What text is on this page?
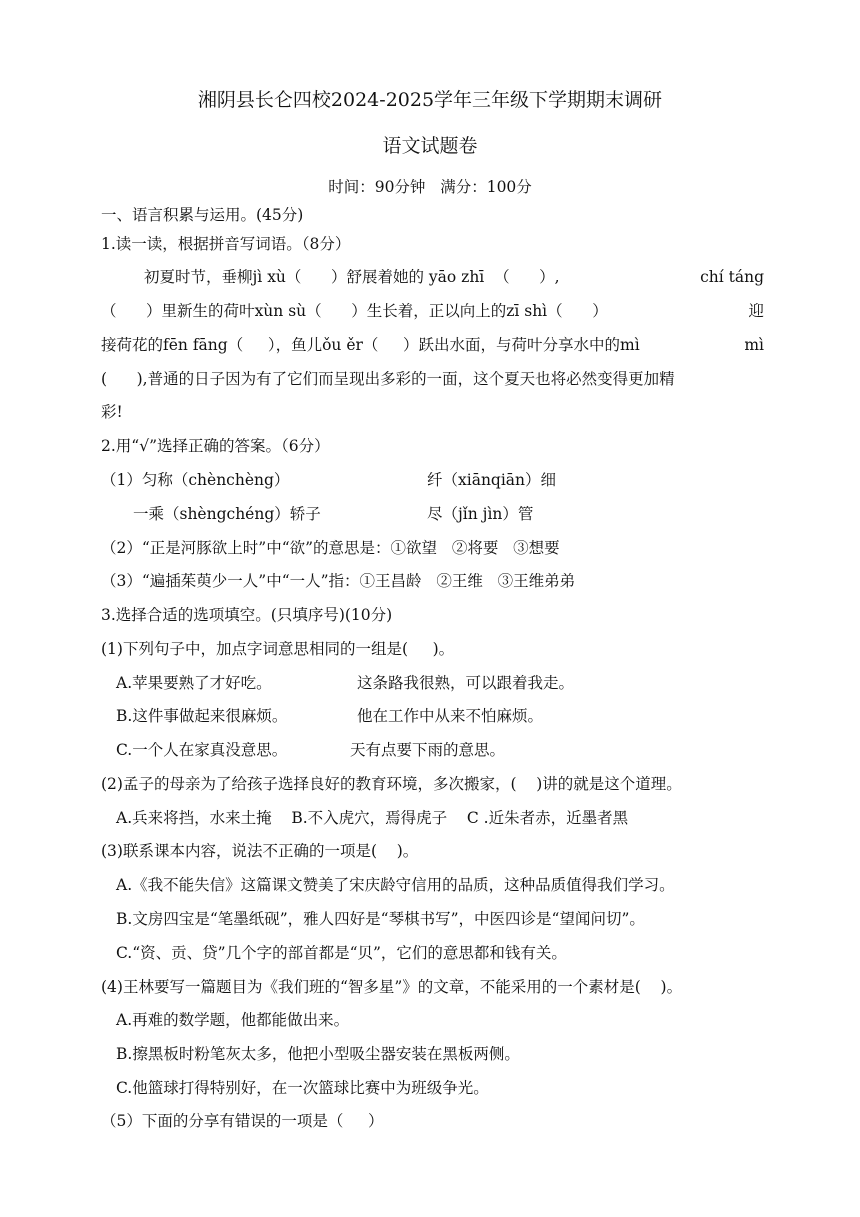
湘阴县长仑四校2024-2025学年三年级下学期期末调研
语文试题卷
时间：90分钟   满分：100分
一、语言积累与运用。(45分)
1.读一读，根据拼音写词语。（8分）
初夏时节，垂柳jì xù（      ）舒展着她的 yāo zhī  （      ）,	chí táng
（      ）里新生的荷叶xùn sù（      ）生长着，正以向上的zī shì（      ）	迎
接荷花的fēn fāng（     ），鱼儿ǒu ěr（     ）跃出水面，与荷叶分享水中的mì	mì
(      ),普通的日子因为有了它们而呈现出多彩的一面，这个夏天也将必然变得更加精
彩!
2.用“√”选择正确的答案。（6分）
（1）匀称（chènchèng）	纤（xiānqiān）细
一乘（shèngchéng）轿子	尽（jǐn jìn）管
（2）“正是河豚欲上时”中“欲”的意思是：①欲望   ②将要   ③想要
（3）“遍插茱萸少一人”中“一人”指：①王昌龄   ②王维   ③王维弟弟
3.选择合适的选项填空。(只填序号)(10分)
(1)下列句子中，加点字词意思相同的一组是(     )。
A.苹果要熟了才好吃。	这条路我很熟，可以跟着我走。
B.这件事做起来很麻烦。	他在工作中从来不怕麻烦。
C.一个人在家真没意思。	天有点要下雨的意思。
(2)孟子的母亲为了给孩子选择良好的教育环境，多次搬家，(    )讲的就是这个道理。
A.兵来将挡，水来土掩    B.不入虎穴，焉得虎子    C .近朱者赤，近墨者黑
(3)联系课本内容，说法不正确的一项是(    )。
A.《我不能失信》这篇课文赞美了宋庆龄守信用的品质，这种品质值得我们学习。
B.文房四宝是“笔墨纸砚”，雅人四好是“琴棋书写”，中医四诊是“望闻问切”。
C.“资、贡、贷”几个字的部首都是“贝”，它们的意思都和钱有关。
(4)王林要写一篇题目为《我们班的“智多星”》的文章，不能采用的一个素材是(    )。
A.再难的数学题，他都能做出来。
B.擦黑板时粉笔灰太多，他把小型吸尘器安装在黑板两侧。
C.他篮球打得特别好，在一次篮球比赛中为班级争光。
（5）下面的分享有错误的一项是（     ）
